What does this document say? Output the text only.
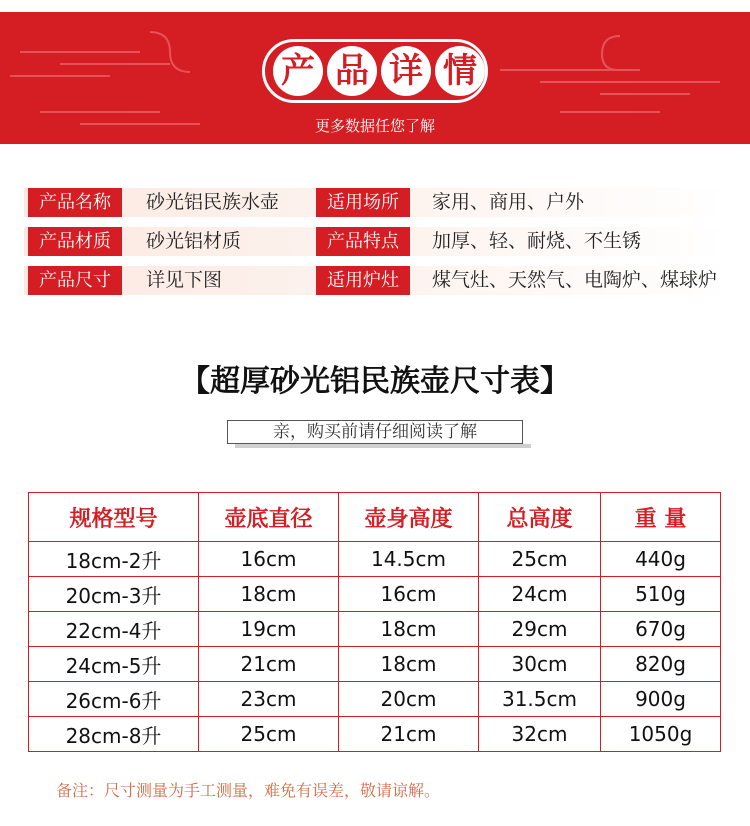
产 品 详 情
更多数据任您了解
产品名称	砂光铝民族水壶	适用场所	家用、商用、户外
产品材质	砂光铝材质	产品特点	加厚、轻、耐烧、不生锈
产品尺寸	详见下图	适用炉灶	煤气灶、天然气、电陶炉、煤球炉
【超厚砂光铝民族壶尺寸表】
亲，购买前请仔细阅读了解
规格型号	壶底直径	壶身高度	总高度	重 量
18cm-2升	16cm	14.5cm	25cm	440g
20cm-3升	18cm	16cm	24cm	510g
22cm-4升	19cm	18cm	29cm	670g
24cm-5升	21cm	18cm	30cm	820g
26cm-6升	23cm	20cm	31.5cm	900g
28cm-8升	25cm	21cm	32cm	1050g
备注：尺寸测量为手工测量，难免有误差，敬请谅解。
